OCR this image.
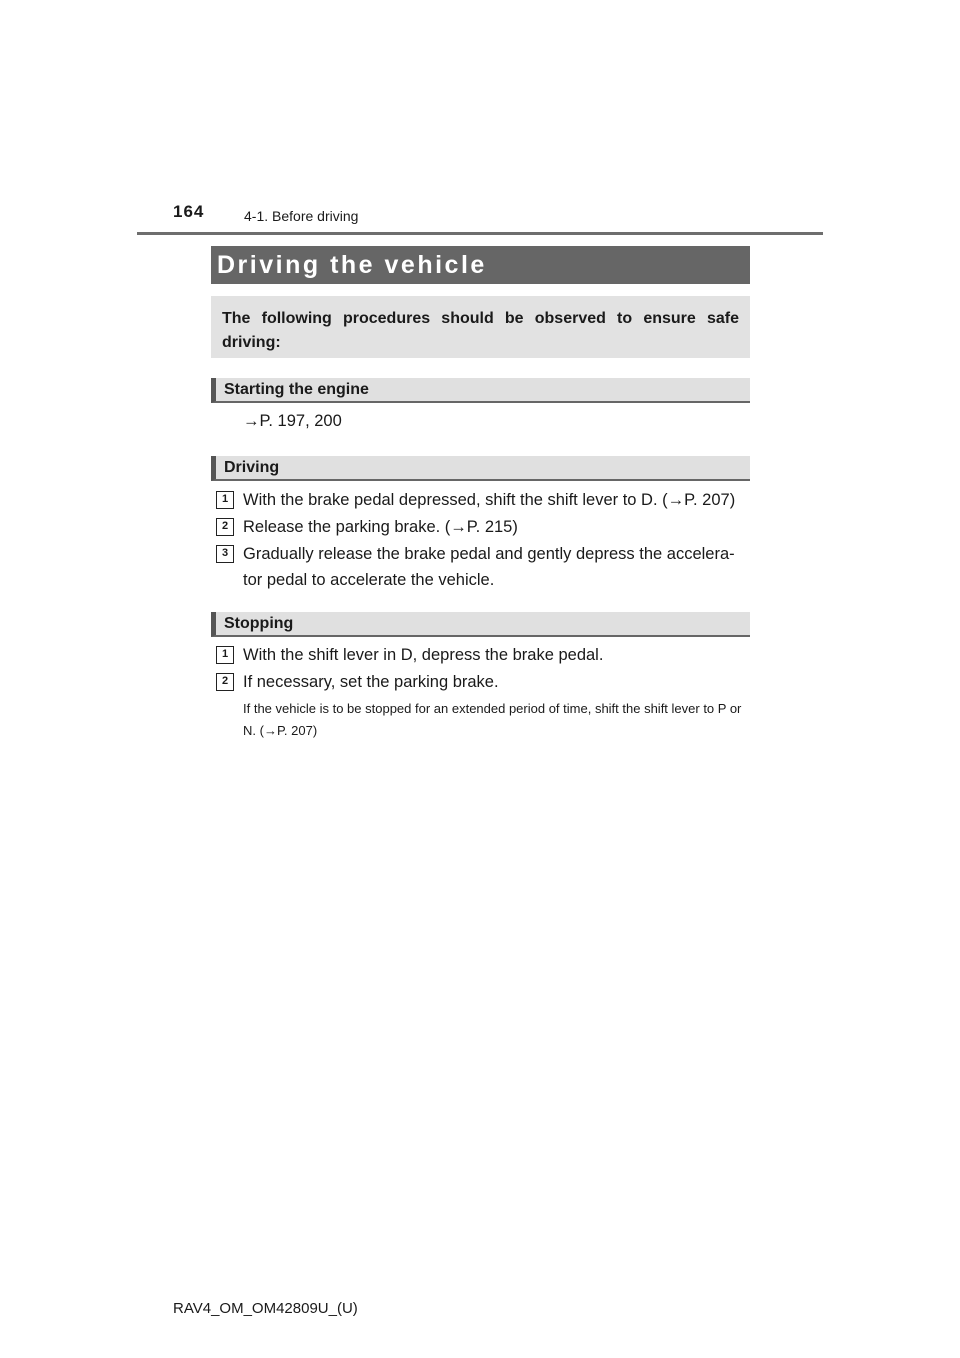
164	4-1. Before driving
Driving the vehicle
The following procedures should be observed to ensure safe driving:
Starting the engine
→P. 197, 200
Driving
1 With the brake pedal depressed, shift the shift lever to D. (→P. 207)
2 Release the parking brake. (→P. 215)
3 Gradually release the brake pedal and gently depress the accelera-tor pedal to accelerate the vehicle.
Stopping
1 With the shift lever in D, depress the brake pedal.
2 If necessary, set the parking brake.
If the vehicle is to be stopped for an extended period of time, shift the shift lever to P or N. (→P. 207)
RAV4_OM_OM42809U_(U)
